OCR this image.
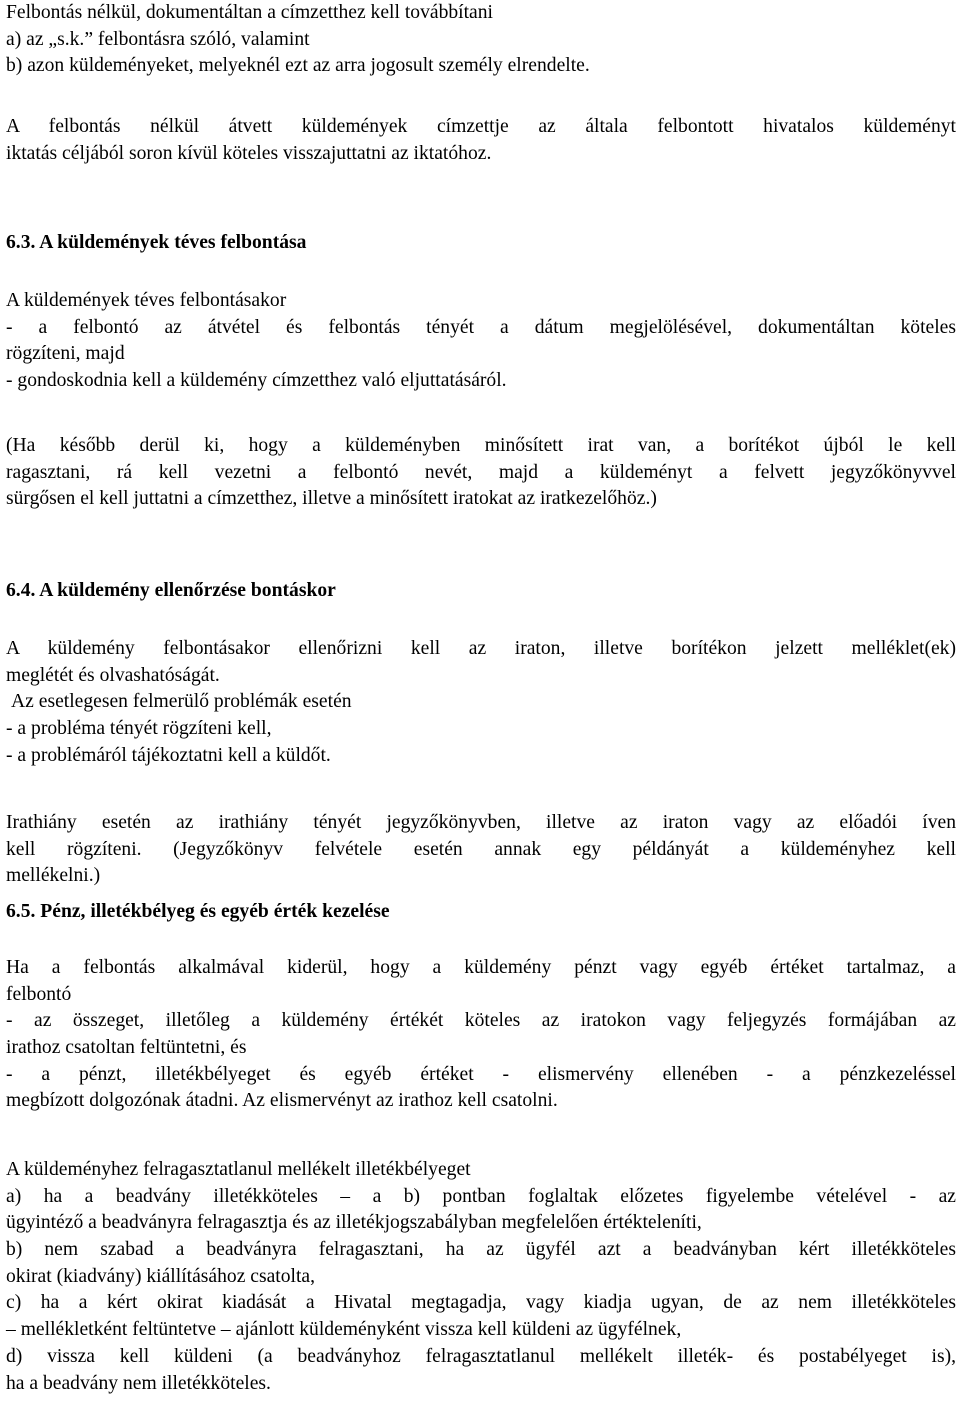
Felbontás nélkül, dokumentáltan a címzetthez kell továbbítani
a) az „s.k.” felbontásra szóló, valamint
b) azon küldeményeket, melyeknél ezt az arra jogosult személy elrendelte.
A felbontás nélkül átvett küldemények címzettje az általa felbontott hivatalos küldeményt
iktatás céljából soron kívül köteles visszajuttatni az iktatóhoz.
6.3. A küldemények téves felbontása
A küldemények téves felbontásakor
- a felbontó az átvétel és felbontás tényét a dátum megjelölésével, dokumentáltan köteles
rögzíteni, majd
- gondoskodnia kell a küldemény címzetthez való eljuttatásáról.
(Ha később derül ki, hogy a küldeményben minősített irat van, a borítékot újból le kell
ragasztani, rá kell vezetni a felbontó nevét, majd a küldeményt a felvett jegyzőkönyvvel
sürgősen el kell juttatni a címzetthez, illetve a minősített iratokat az iratkezelőhöz.)
6.4. A küldemény ellenőrzése bontáskor
A küldemény felbontásakor ellenőrizni kell az iraton, illetve borítékon jelzett melléklet(ek)
meglétét és olvashatóságát.
Az esetlegesen felmerülő problémák esetén
- a probléma tényét rögzíteni kell,
- a problémáról tájékoztatni kell a küldőt.
Irathiány esetén az irathiány tényét jegyzőkönyvben, illetve az iraton vagy az előadói íven
kell rögzíteni. (Jegyzőkönyv felvétele esetén annak egy példányát a küldeményhez kell
mellékelni.)
6.5. Pénz, illetékbélyeg és egyéb érték kezelése
Ha a felbontás alkalmával kiderül, hogy a küldemény pénzt vagy egyéb értéket tartalmaz, a
felbontó
- az összeget, illetőleg a küldemény értékét köteles az iratokon vagy feljegyzés formájában az
irathoz csatoltan feltüntetni, és
- a pénzt, illetékbélyeget és egyéb értéket - elismervény ellenében - a pénzkezeléssel
megbízott dolgozónak átadni. Az elismervényt az irathoz kell csatolni.
A küldeményhez felragasztatlanul mellékelt illetékbélyeget
a) ha a beadvány illetékköteles – a b) pontban foglaltak előzetes figyelembe vételével - az
ügyintéző a beadványra felragasztja és az illetékjogszabályban megfelelően értékteleníti,
b) nem szabad a beadványra felragasztani, ha az ügyfél azt a beadványban kért illetékköteles
okirat (kiadvány) kiállításához csatolta,
c) ha a kért okirat kiadását a Hivatal megtagadja, vagy kiadja ugyan, de az nem illetékköteles
– mellékletként feltüntetve – ajánlott küldeményként vissza kell küldeni az ügyfélnek,
d) vissza kell küldeni (a beadványhoz felragasztatlanul mellékelt illeték- és postabélyeget is),
ha a beadvány nem illetékköteles.
